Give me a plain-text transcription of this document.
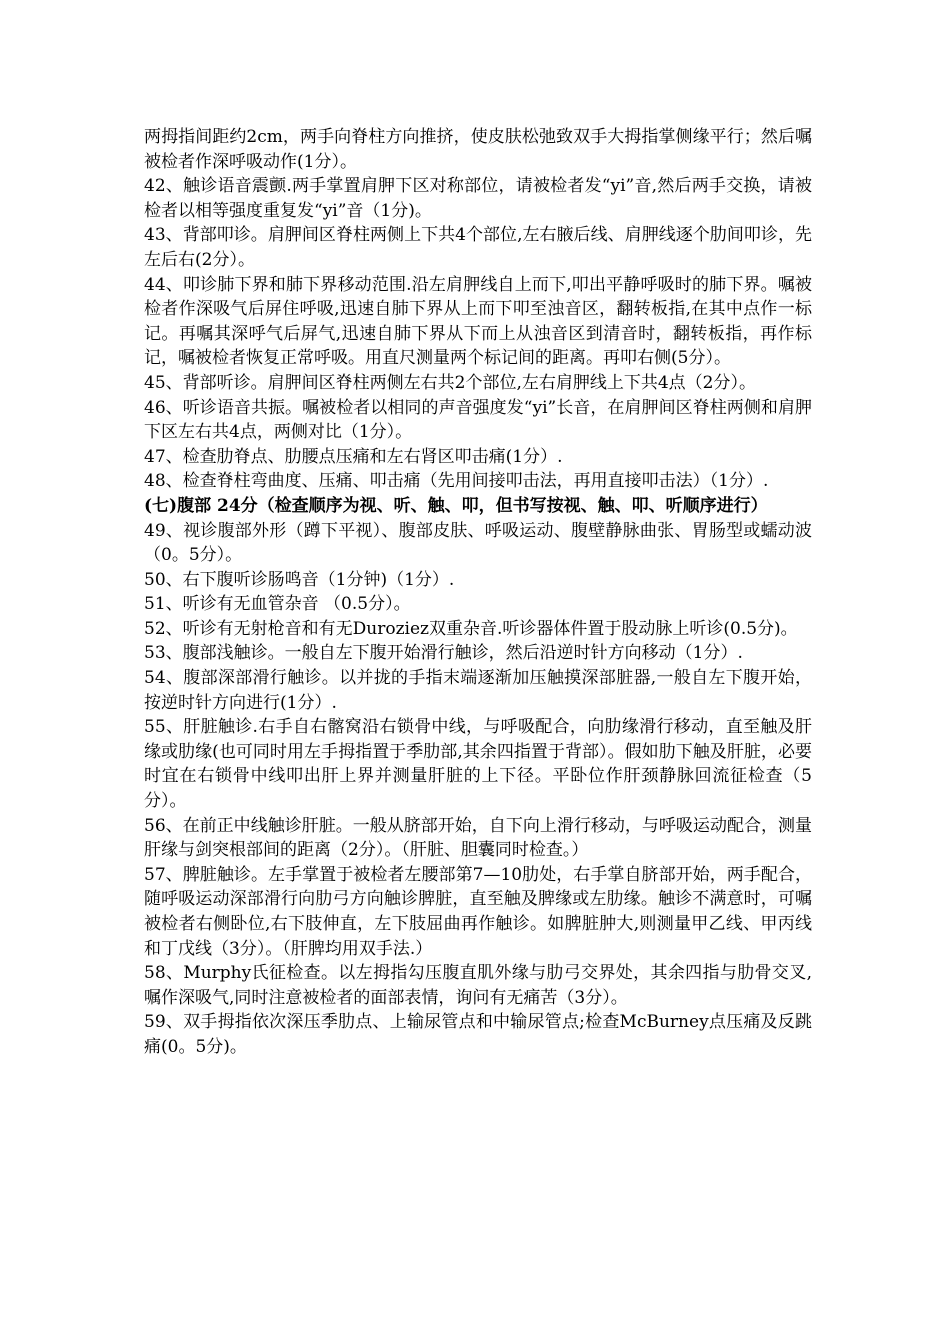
两拇指间距约2cm，两手向脊柱方向推挤，使皮肤松弛致双手大拇指掌侧缘平行；然后嘱被检者作深呼吸动作(1分）。

42、触诊语音震颤.两手掌置肩胛下区对称部位，请被检者发“yi”音,然后两手交换，请被检者以相等强度重复发“yi”音（1分)。

43、背部叩诊。肩胛间区脊柱两侧上下共4个部位,左右腋后线、肩胛线逐个肋间叩诊，先左后右(2分）。

44、叩诊肺下界和肺下界移动范围.沿左肩胛线自上而下,叩出平静呼吸时的肺下界。嘱被检者作深吸气后屏住呼吸,迅速自肺下界从上而下叩至浊音区，翻转板指,在其中点作一标记。再嘱其深呼气后屏气,迅速自肺下界从下而上从浊音区到清音时，翻转板指，再作标记，嘱被检者恢复正常呼吸。用直尺测量两个标记间的距离。再叩右侧(5分）。

45、背部听诊。肩胛间区脊柱两侧左右共2个部位,左右肩胛线上下共4点（2分）。

46、听诊语音共振。嘱被检者以相同的声音强度发“yi”长音，在肩胛间区脊柱两侧和肩胛下区左右共4点，两侧对比（1分）。

47、检查肋脊点、肋腰点压痛和左右肾区叩击痛(1分）.

48、检查脊柱弯曲度、压痛、叩击痛（先用间接叩击法，再用直接叩击法）（1分）.

(七)腹部 24分（检查顺序为视、听、触、叩，但书写按视、触、叩、听顺序进行）

49、视诊腹部外形（蹲下平视）、腹部皮肤、呼吸运动、腹壁静脉曲张、胃肠型或蠕动波（0。5分）。

50、右下腹听诊肠鸣音（1分钟)（1分）.

51、听诊有无血管杂音 （0.5分）。

52、听诊有无射枪音和有无Duroziez双重杂音.听诊器体件置于股动脉上听诊(0.5分)。

53、腹部浅触诊。一般自左下腹开始滑行触诊，然后沿逆时针方向移动（1分）.

54、腹部深部滑行触诊。以并拢的手指末端逐渐加压触摸深部脏器,一般自左下腹开始，按逆时针方向进行(1分）.

55、肝脏触诊.右手自右髂窝沿右锁骨中线，与呼吸配合，向肋缘滑行移动，直至触及肝缘或肋缘(也可同时用左手拇指置于季肋部,其余四指置于背部）。假如肋下触及肝脏，必要时宜在右锁骨中线叩出肝上界并测量肝脏的上下径。平卧位作肝颈静脉回流征检查（5分）。

56、在前正中线触诊肝脏。一般从脐部开始，自下向上滑行移动，与呼吸运动配合，测量肝缘与剑突根部间的距离（2分）。（肝脏、胆囊同时检查。）

57、脾脏触诊。左手掌置于被检者左腰部第7—10肋处，右手掌自脐部开始，两手配合，随呼吸运动深部滑行向肋弓方向触诊脾脏，直至触及脾缘或左肋缘。触诊不满意时，可嘱被检者右侧卧位,右下肢伸直，左下肢屈曲再作触诊。如脾脏肿大,则测量甲乙线、甲丙线和丁戊线（3分）。（肝脾均用双手法.）

58、Murphy氏征检查。以左拇指勾压腹直肌外缘与肋弓交界处，其余四指与肋骨交叉,嘱作深吸气,同时注意被检者的面部表情，询问有无痛苦（3分）。

59、双手拇指依次深压季肋点、上输尿管点和中输尿管点;检查McBurney点压痛及反跳痛(0。5分)。
